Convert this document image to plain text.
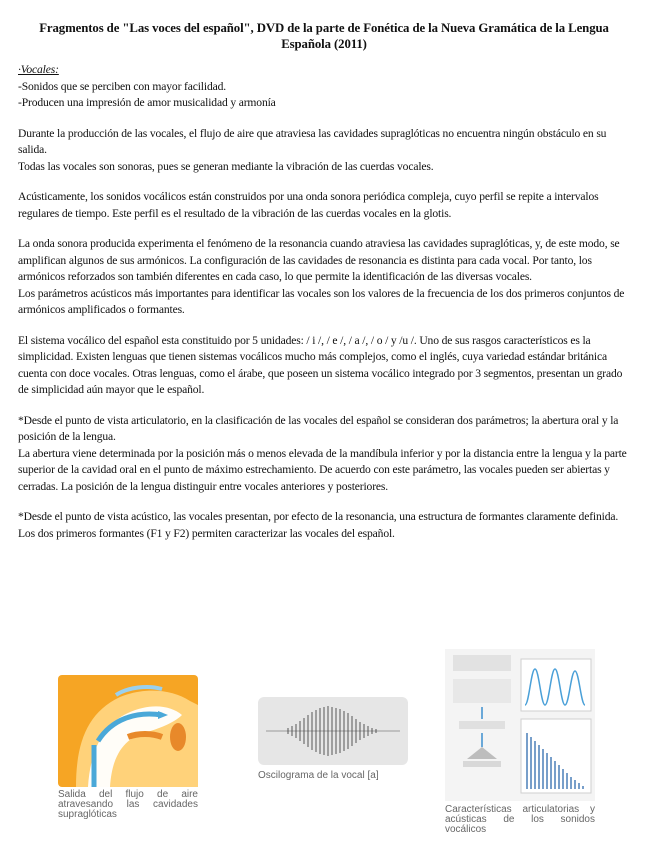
Fragmentos de "Las voces del español", DVD de la parte de Fonética de la Nueva Gramática de la Lengua Española (2011)
·Vocales:
-Sonidos que se perciben con mayor facilidad.
-Producen una impresión de amor musicalidad y armonía
Durante la producción de las vocales, el flujo de aire que atraviesa las cavidades supraglóticas no encuentra ningún obstáculo en su salida.
Todas las vocales son sonoras, pues se generan mediante la vibración de las cuerdas vocales.
Acústicamente, los sonidos vocálicos están construidos por una onda sonora periódica compleja, cuyo perfil se repite a intervalos regulares de tiempo. Este perfil es el resultado de la vibración de las cuerdas vocales en la glotis.
La onda sonora producida experimenta el fenómeno de la resonancia cuando atraviesa las cavidades supraglóticas, y, de este modo, se amplifican algunos de sus armónicos. La configuración de las cavidades de resonancia es distinta para cada vocal. Por tanto, los armónicos reforzados son también diferentes en cada caso, lo que permite la identificación de las diversas vocales.
Los parámetros acústicos más importantes para identificar las vocales son los valores de la frecuencia de los dos primeros conjuntos de armónicos amplificados o formantes.
El sistema vocálico del español esta constituido por 5 unidades: / i /, / e /, / a /, / o / y /u /. Uno de sus rasgos característicos es la simplicidad. Existen lenguas que tienen sistemas vocálicos mucho más complejos, como el inglés, cuya variedad estándar británica cuenta con doce vocales. Otras lenguas, como el árabe, que poseen un sistema vocálico integrado por 3 segmentos, presentan un grado de simplicidad aún mayor que le español.
*Desde el punto de vista articulatorio, en la clasificación de las vocales del español se consideran dos parámetros; la abertura oral y la posición de la lengua.
La abertura viene determinada por la posición más o menos elevada de la mandíbula inferior y por la distancia entre la lengua y la parte superior de la cavidad oral en el punto de máximo estrechamiento. De acuerdo con este parámetro, las vocales pueden ser abiertas y cerradas. La posición de la lengua distinguir entre vocales anteriores y posteriores.
*Desde el punto de vista acústico, las vocales presentan, por efecto de la resonancia, una estructura de formantes claramente definida. Los dos primeros formantes (F1 y F2) permiten caracterizar las vocales del español.
Salida del flujo de aire atravesando las cavidades supraglóticas
Oscilograma de la vocal [a]
Características articulatorias y acústicas de los sonidos vocálicos
